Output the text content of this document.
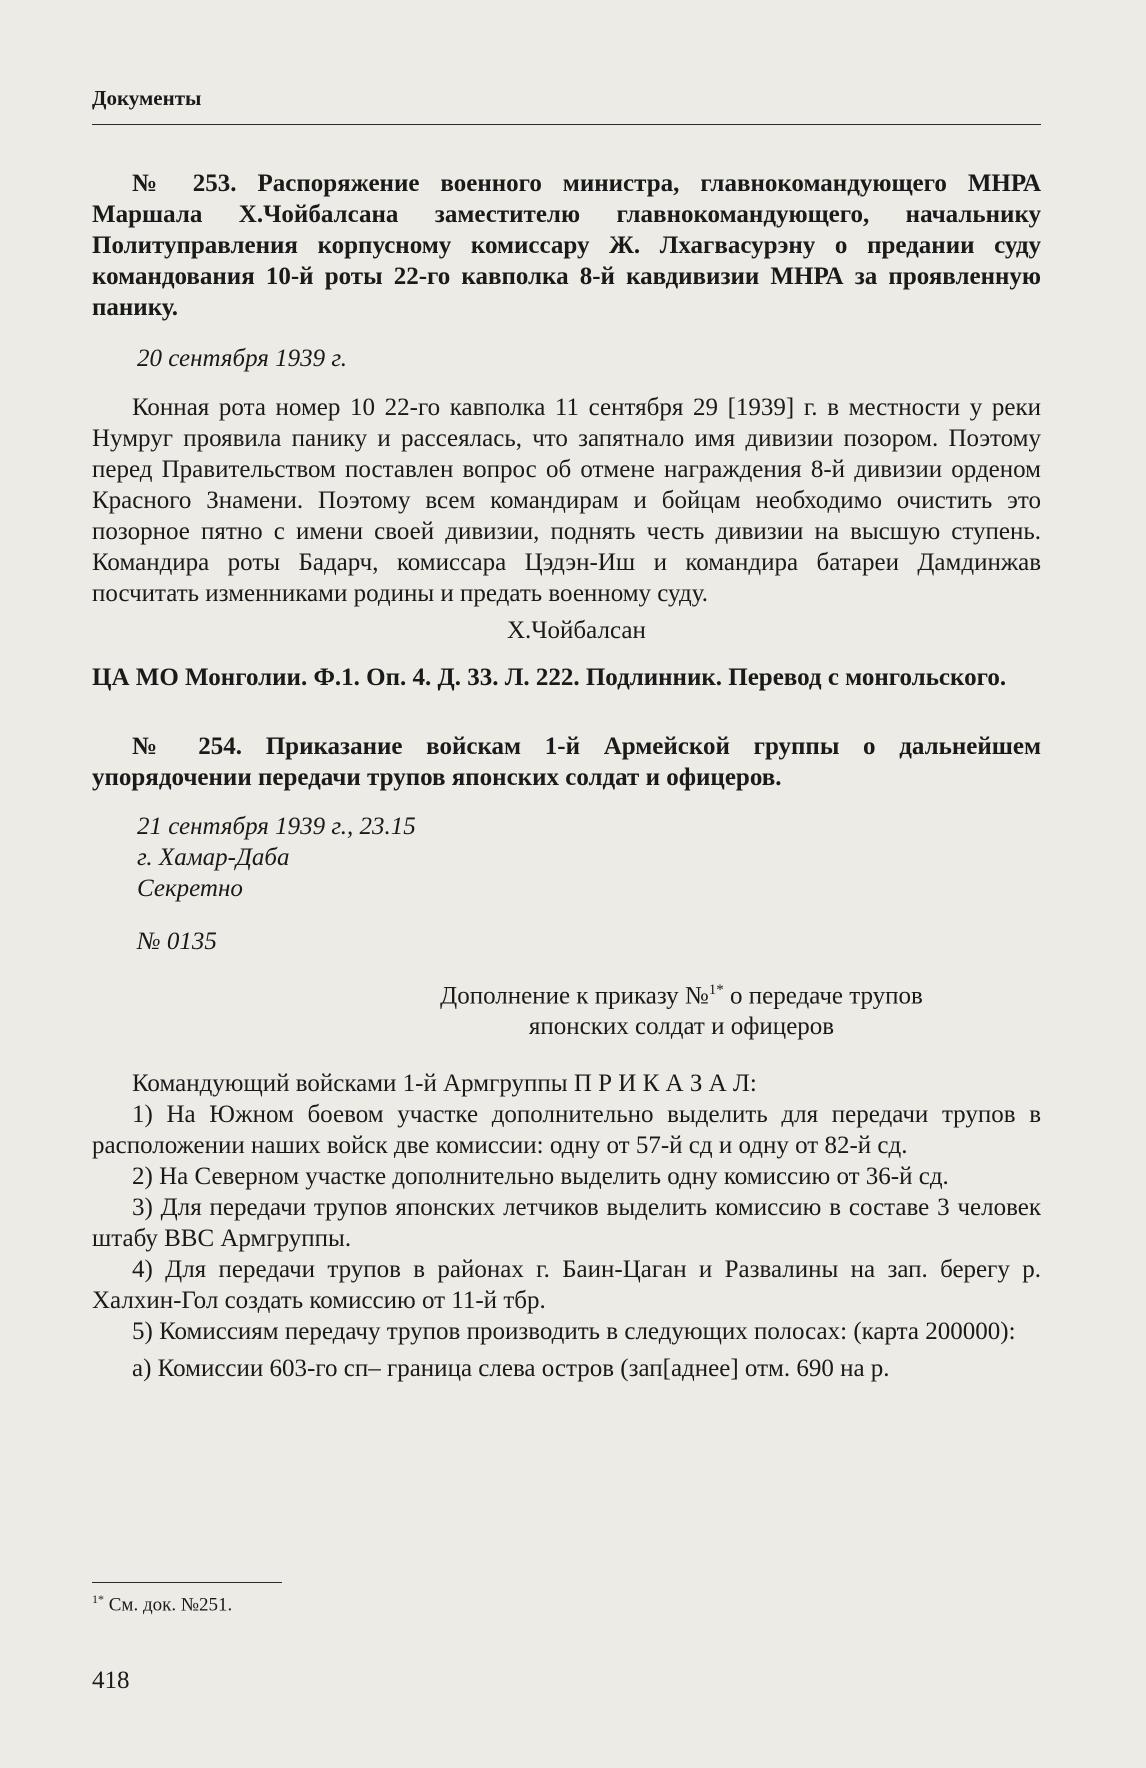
Документы

№ 253. Распоряжение военного министра, главнокомандующего МНРА Маршала Х.Чойбалсана заместителю главнокомандующего, начальнику Политуправления корпусному комиссару Ж. Лхагвасурэну о предании суду командования 10-й роты 22-го кавполка 8-й кавдивизии МНРА за проявленную панику.

20 сентября 1939 г.

Конная рота номер 10 22-го кавполка 11 сентября 29 [1939] г. в местности у реки Нумруг проявила панику и рассеялась, что запятнало имя дивизии позором. Поэтому перед Правительством поставлен вопрос об отмене награждения 8-й дивизии орденом Красного Знамени. Поэтому всем командирам и бойцам необходимо очистить это позорное пятно с имени своей дивизии, поднять честь дивизии на высшую ступень. Командира роты Бадарч, комиссара Цэдэн-Иш и командира батареи Дамдинжав посчитать изменниками родины и предать военному суду.

Х.Чойбалсан

ЦА МО Монголии. Ф.1. Оп. 4. Д. 33. Л. 222. Подлинник. Перевод с монгольского.

№ 254. Приказание войскам 1-й Армейской группы о дальнейшем упорядочении передачи трупов японских солдат и офицеров.

21 сентября 1939 г., 23.15

г. Хамар-Даба

Секретно

№ 0135

Дополнение к приказу №$^{1*}$ о передаче трупов

японских солдат и офицеров

Командующий войсками 1-й Армгруппы П Р И К А З А Л:

1) На Южном боевом участке дополнительно выделить для передачи трупов в расположении наших войск две комиссии: одну от 57-й сд и одну от 82-й сд.

2) На Северном участке дополнительно выделить одну комиссию от 36-й сд.

3) Для передачи трупов японских летчиков выделить комиссию в составе 3 человек штабу ВВС Армгруппы.

4) Для передачи трупов в районах г. Баин-Цаган и Развалины на зап. берегу р. Халхин-Гол создать комиссию от 11-й тбр.

5) Комиссиям передачу трупов производить в следующих полосах: (карта 200000):

а) Комиссии 603-го сп– граница слева остров (зап[аднее] отм. 690 на р.

$^{1*}$ См. док. №251.
418
